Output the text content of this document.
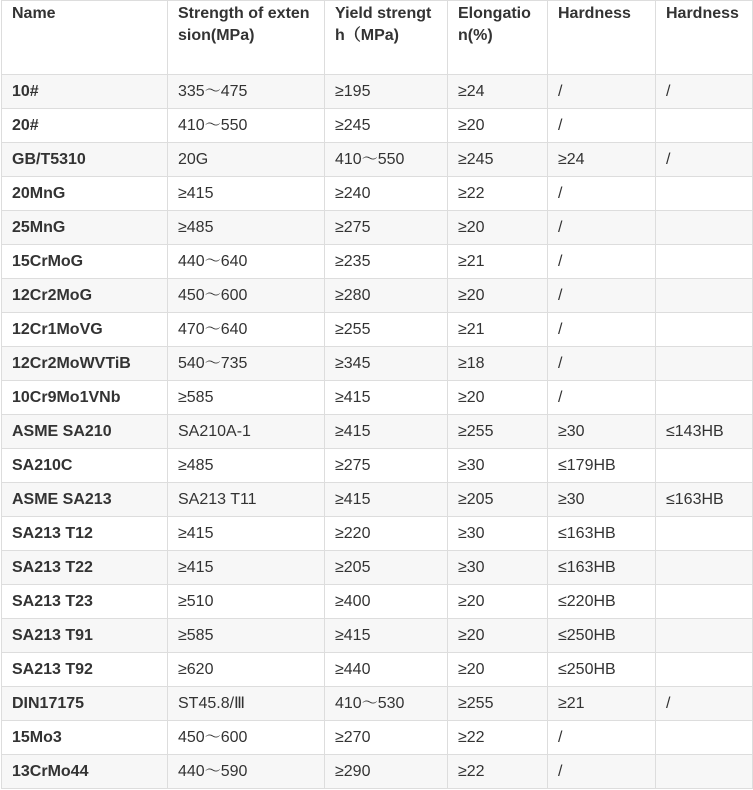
Name	Strength of extension(MPa)	Yield strength（MPa)	Elongation(%)	Hardness	Hardness
10#	335～475	≥195	≥24	/	/
20#	410～550	≥245	≥20	/	
GB/T5310	20G	410～550	≥245	≥24	/
20MnG	≥415	≥240	≥22	/	
25MnG	≥485	≥275	≥20	/	
15CrMoG	440～640	≥235	≥21	/	
12Cr2MoG	450～600	≥280	≥20	/	
12Cr1MoVG	470～640	≥255	≥21	/	
12Cr2MoWVTiB	540～735	≥345	≥18	/	
10Cr9Mo1VNb	≥585	≥415	≥20	/	
ASME SA210	SA210A-1	≥415	≥255	≥30	≤143HB
SA210C	≥485	≥275	≥30	≤179HB	
ASME SA213	SA213 T11	≥415	≥205	≥30	≤163HB
SA213 T12	≥415	≥220	≥30	≤163HB	
SA213 T22	≥415	≥205	≥30	≤163HB	
SA213 T23	≥510	≥400	≥20	≤220HB	
SA213 T91	≥585	≥415	≥20	≤250HB	
SA213 T92	≥620	≥440	≥20	≤250HB	
DIN17175	ST45.8/Ⅲ	410～530	≥255	≥21	/
15Mo3	450～600	≥270	≥22	/	
13CrMo44	440～590	≥290	≥22	/	
